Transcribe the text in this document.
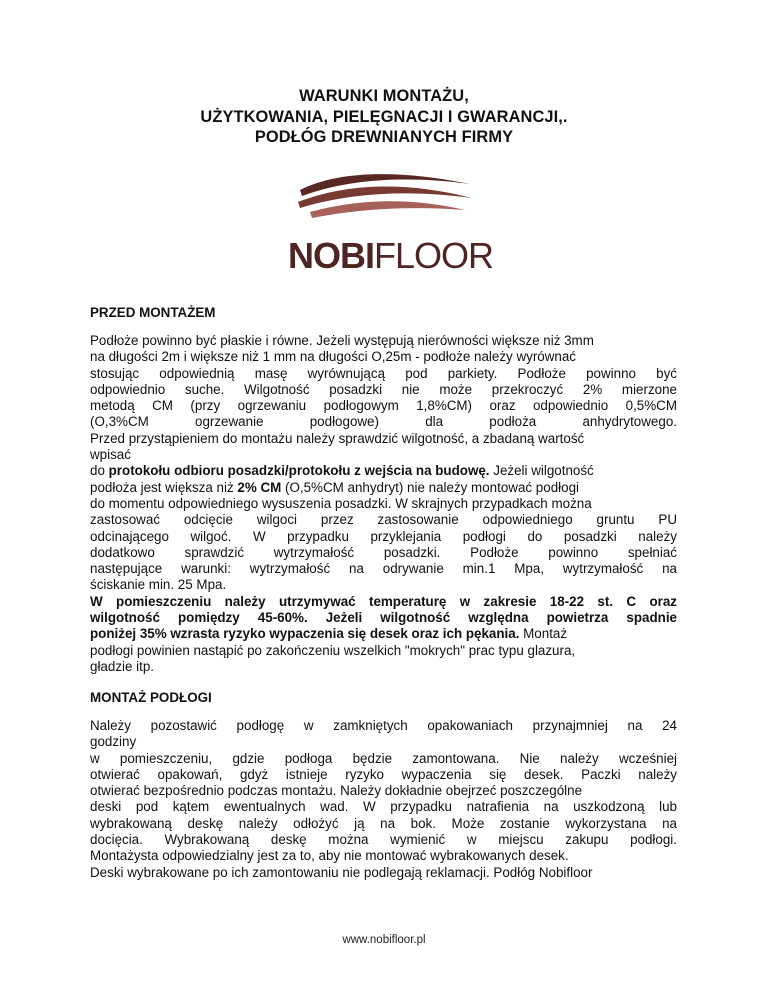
WARUNKI MONTAŻU,
UŻYTKOWANIA, PIELĘGNACJI I GWARANCJI,.
PODŁÓG DREWNIANYCH FIRMY
NOBIFLOOR
PRZED MONTAŻEM
Podłoże powinno być płaskie i równe. Jeżeli występują nierówności większe niż 3mm
na długości 2m i większe niż 1 mm na długości O,25m - podłoże należy wyrównać
stosując odpowiednią masę wyrównującą pod parkiety. Podłoże powinno być
odpowiednio suche. Wilgotność posadzki nie może przekroczyć 2% mierzone
metodą CM (przy ogrzewaniu podłogowym 1,8%CM) oraz odpowiednio 0,5%CM
(O,3%CM ogrzewanie podłogowe) dla podłoża anhydrytowego.
Przed przystąpieniem do montażu należy sprawdzić wilgotność, a zbadaną wartość
wpisać
do protokołu odbioru posadzki/protokołu z wejścia na budowę. Jeżeli wilgotność
podłoża jest większa niż 2% CM (O,5%CM anhydryt) nie należy montować podłogi
do momentu odpowiedniego wysuszenia posadzki. W skrajnych przypadkach można
zastosować odcięcie wilgoci przez zastosowanie odpowiedniego gruntu PU
odcinającego wilgoć. W przypadku przyklejania podłogi do posadzki należy
dodatkowo sprawdzić wytrzymałość posadzki. Podłoże powinno spełniać
następujące warunki: wytrzymałość na odrywanie min.1 Mpa, wytrzymałość na
ściskanie min. 25 Mpa.
W pomieszczeniu należy utrzymywać temperaturę w zakresie 18-22 st. C oraz
wilgotność pomiędzy 45-60%. Jeżeli wilgotność względna powietrza spadnie
poniżej 35% wzrasta ryzyko wypaczenia się desek oraz ich pękania. Montaż
podłogi powinien nastąpić po zakończeniu wszelkich "mokrych" prac typu glazura,
gładzie itp.
MONTAŻ PODŁOGI
Należy pozostawić podłogę w zamkniętych opakowaniach przynajmniej na 24
godziny
w pomieszczeniu, gdzie podłoga będzie zamontowana. Nie należy wcześniej
otwierać opakowań, gdyż istnieje ryzyko wypaczenia się desek. Paczki należy
otwierać bezpośrednio podczas montażu. Należy dokładnie obejrzeć poszczególne
deski pod kątem ewentualnych wad. W przypadku natrafienia na uszkodzoną lub
wybrakowaną deskę należy odłożyć ją na bok. Może zostanie wykorzystana na
docięcia. Wybrakowaną deskę można wymienić w miejscu zakupu podłogi.
Montażysta odpowiedzialny jest za to, aby nie montować wybrakowanych desek.
Deski wybrakowane po ich zamontowaniu nie podlegają reklamacji. Podłóg Nobifloor
www.nobifloor.pl
